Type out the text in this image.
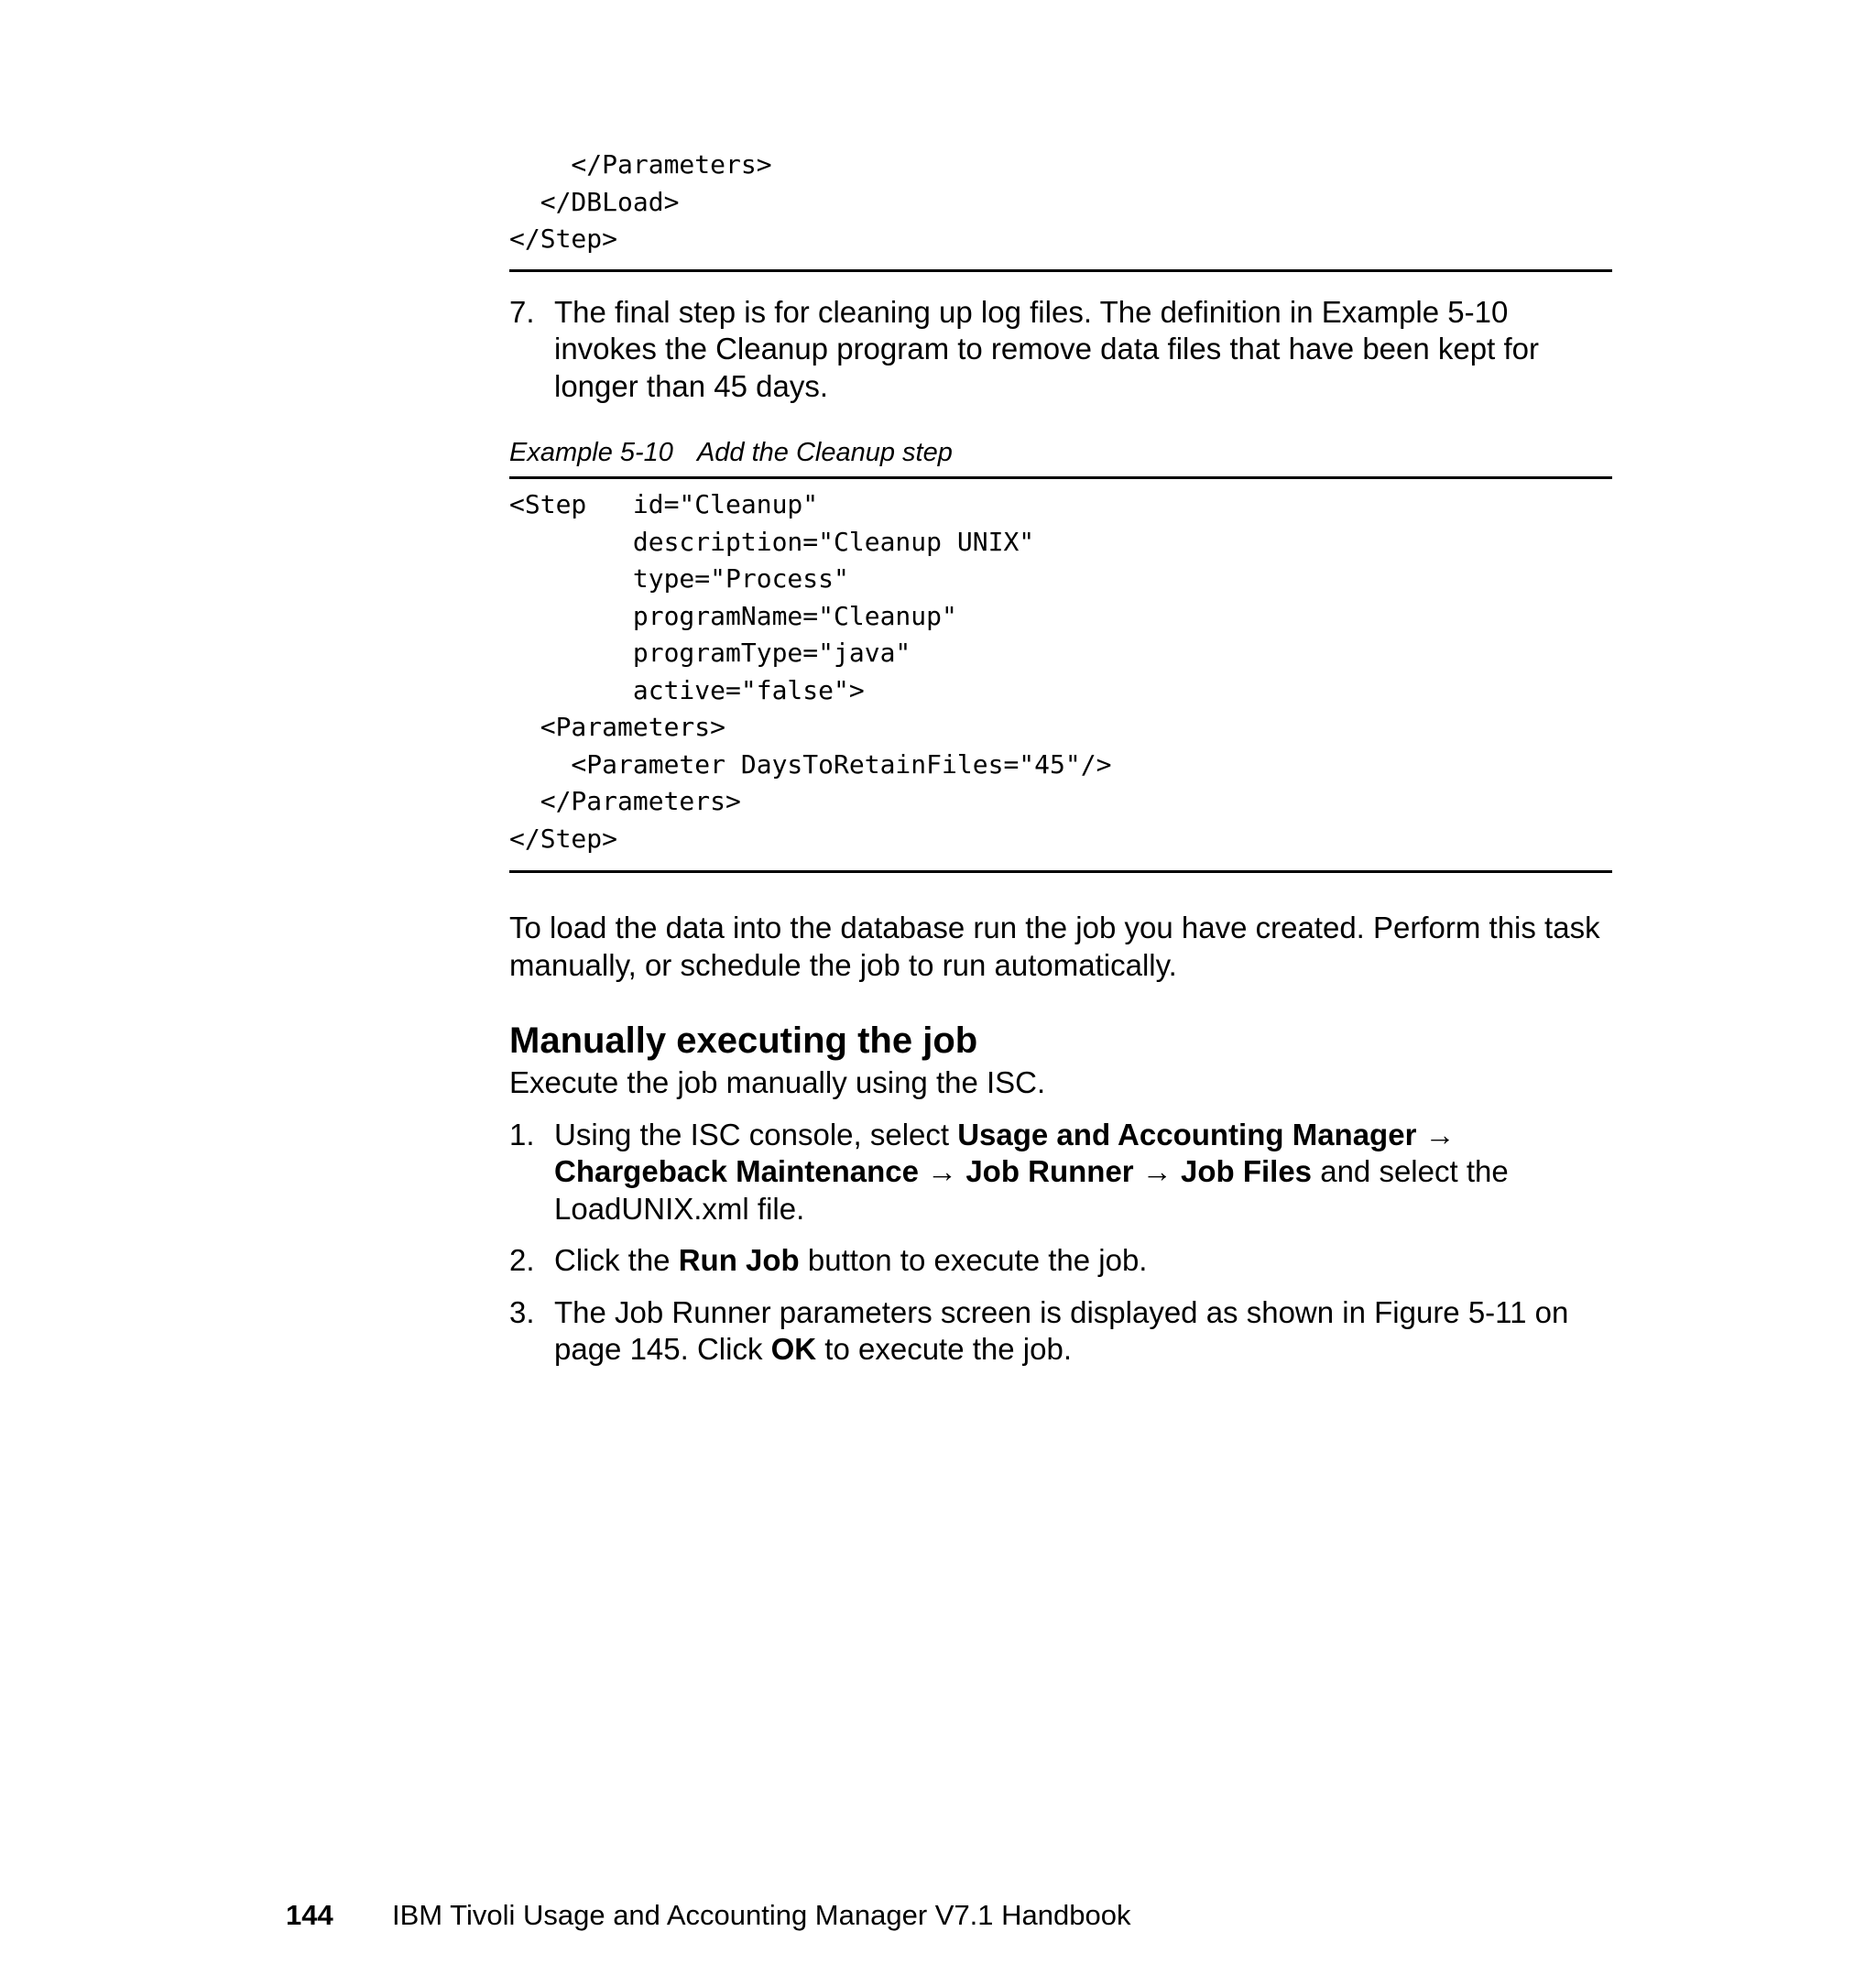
</Parameters>
</DBLoad>
</Step>
7. The final step is for cleaning up log files. The definition in Example 5-10 invokes the Cleanup program to remove data files that have been kept for longer than 45 days.
Example 5-10 Add the Cleanup step
<Step   id="Cleanup"
description="Cleanup UNIX"
type="Process"
programName="Cleanup"
programType="java"
active="false">
<Parameters>
<Parameter DaysToRetainFiles="45"/>
</Parameters>
</Step>
To load the data into the database run the job you have created. Perform this task manually, or schedule the job to run automatically.
Manually executing the job
Execute the job manually using the ISC.
1. Using the ISC console, select Usage and Accounting Manager → Chargeback Maintenance → Job Runner → Job Files and select the LoadUNIX.xml file.
2. Click the Run Job button to execute the job.
3. The Job Runner parameters screen is displayed as shown in Figure 5-11 on page 145. Click OK to execute the job.
144 IBM Tivoli Usage and Accounting Manager V7.1 Handbook
